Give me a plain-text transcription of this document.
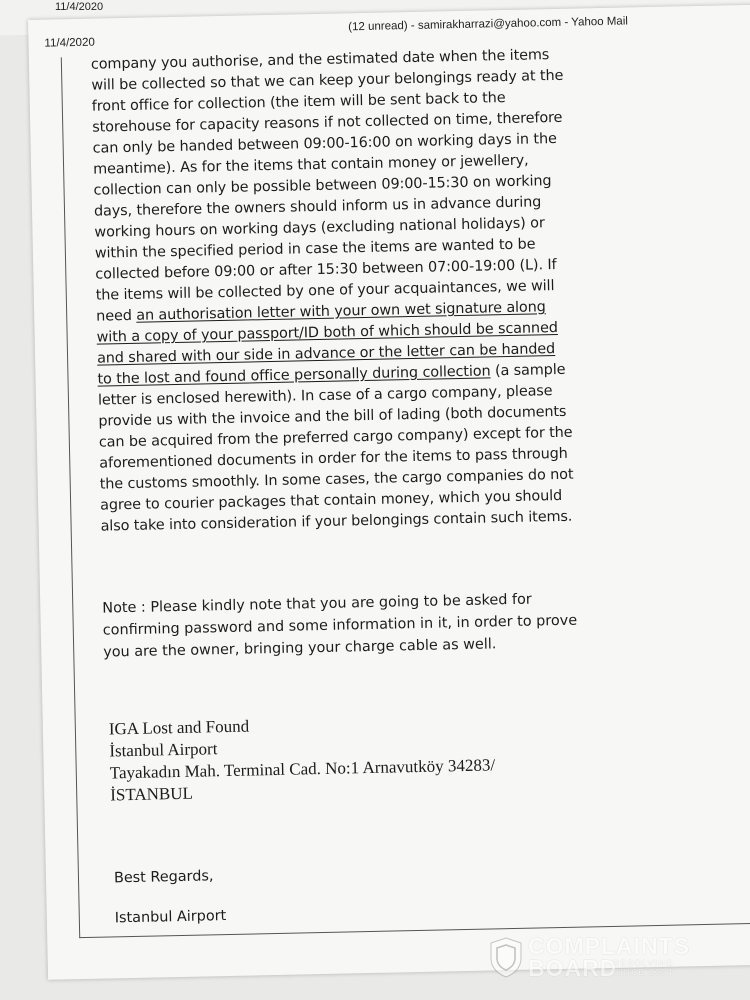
11/4/2020
11/4/2020
(12 unread) - samirakharrazi@yahoo.com - Yahoo Mail

company you authorise, and the estimated date when the items will be collected so that we can keep your belongings ready at the front office for collection (the item will be sent back to the storehouse for capacity reasons if not collected on time, therefore can only be handed between 09:00-16:00 on working days in the meantime). As for the items that contain money or jewellery, collection can only be possible between 09:00-15:30 on working days, therefore the owners should inform us in advance during working hours on working days (excluding national holidays) or within the specified period in case the items are wanted to be collected before 09:00 or after 15:30 between 07:00-19:00 (L). If the items will be collected by one of your acquaintances, we will need an authorisation letter with your own wet signature along with a copy of your passport/ID both of which should be scanned and shared with our side in advance or the letter can be handed to the lost and found office personally during collection (a sample letter is enclosed herewith). In case of a cargo company, please provide us with the invoice and the bill of lading (both documents can be acquired from the preferred cargo company) except for the aforementioned documents in order for the items to pass through the customs smoothly. In some cases, the cargo companies do not agree to courier packages that contain money, which you should also take into consideration if your belongings contain such items.

Note : Please kindly note that you are going to be asked for confirming password and some information in it, in order to prove you are the owner, bringing your charge cable as well.
IGA Lost and Found
İstanbul Airport
Tayakadın Mah. Terminal Cad. No:1 Arnavutköy 34283/
İSTANBUL
Best Regards,
Istanbul Airport
COMPLAINTS
BOARD
RESOLVING
SINCE 2004
